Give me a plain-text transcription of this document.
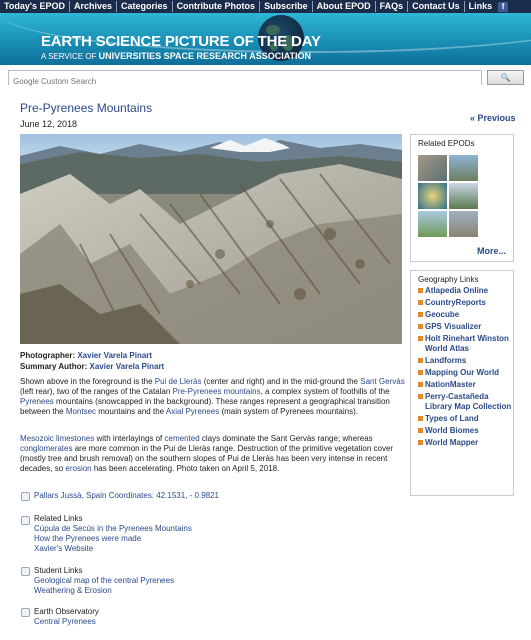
Today's EPOD	Archives	Categories	Contribute Photos	Subscribe	About EPOD	FAQs	Contact Us	Links	f
EARTH SCIENCE PICTURE OF THE DAY
A SERVICE OF UNIVERSITIES SPACE RESEARCH ASSOCIATION
Google Custom Search
🔍
Pre-Pyrenees Mountains
June 12, 2018
« Previous
Photographer: Xavier Varela Pinart
Summary Author: Xavier Varela Pinart
Shown above in the foreground is the Pui de Lleràs (center and right) and in the mid-ground the Sant Gervàs (left rear), two of the ranges of the Catalan Pre-Pyrenees mountains, a complex system of foothills of the Pyrenees mountains (snowcapped in the background). These ranges represent a geographical transition between the Montsec mountains and the Axial Pyrenees (main system of Pyrenees mountains).
Mesozoic limestones with interlayings of cemented clays dominate the Sant Gervàs range; whereas conglomerates are more common in the Pui de Lleràs range. Destruction of the primitive vegetation cover (mostly tree and brush removal) on the southern slopes of Pui de Lleràs has been very intense in recent decades, so erosion has been accelerating. Photo taken on April 5, 2018.
Pallars Jussà, Spain Coordinates: 42.1531, - 0.9821
Related Links
Cúpula de Secús in the Pyrenees Mountains
How the Pyrenees were made
Xavier's Website
Student Links
Geological map of the central Pyrenees
Weathering & Erosion
Earth Observatory
Central Pyrenees
Related EPODs
More...
Geography Links
Atlapedia Online
CountryReports
Geocube
GPS Visualizer
Holt Rinehart Winston World Atlas
Landforms
Mapping Our World
NationMaster
Perry-Castañeda Library Map Collection
Types of Land
World Biomes
World Mapper
